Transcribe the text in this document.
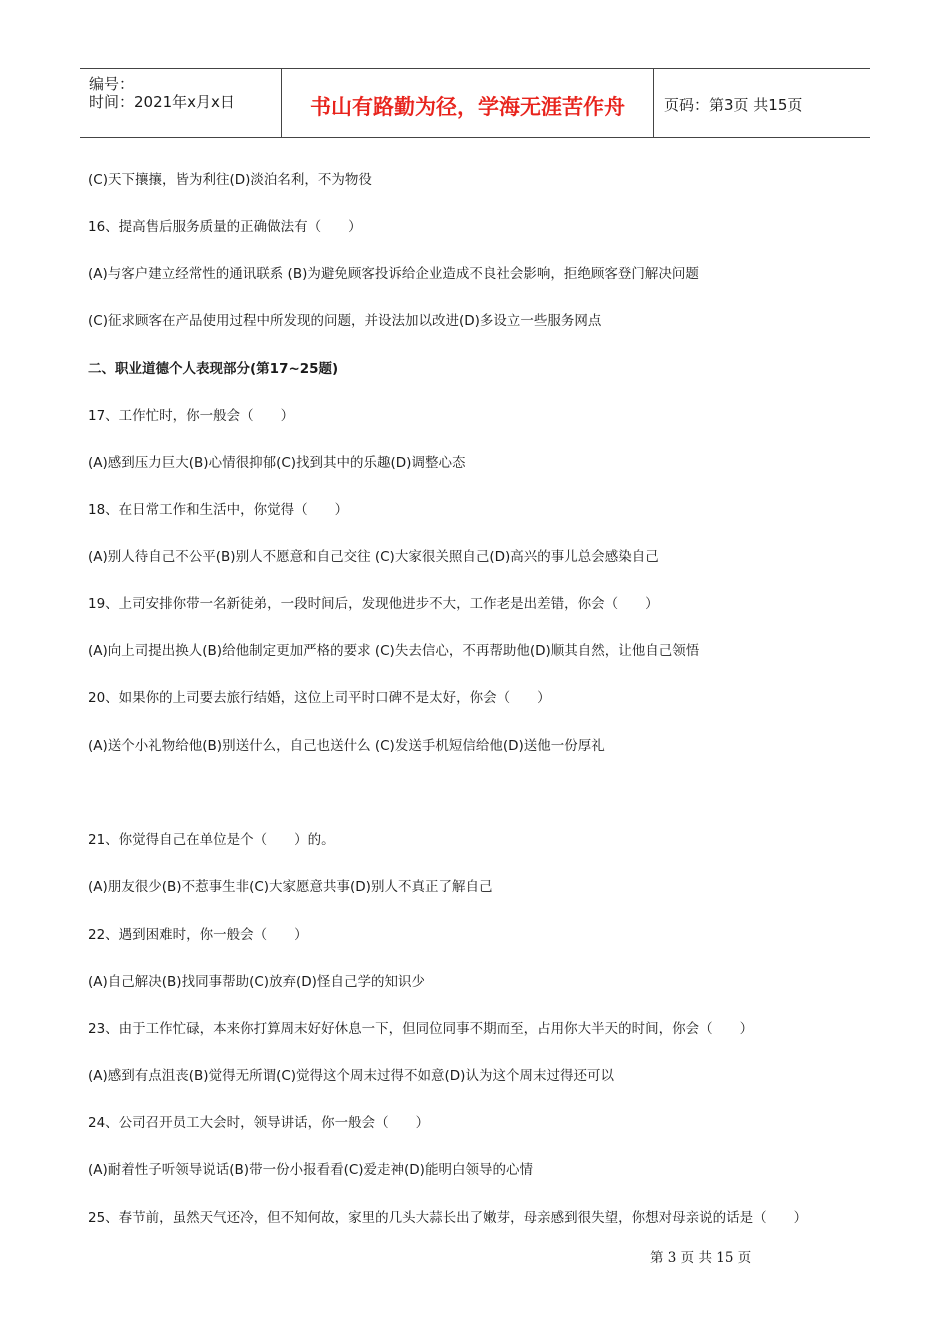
编号：
时间：2021年x月x日	书山有路勤为径，学海无涯苦作舟	页码：第3页 共15页
(C)天下攘攘，皆为利往(D)淡泊名利，不为物役
16、提高售后服务质量的正确做法有（　　）
(A)与客户建立经常性的通讯联系 (B)为避免顾客投诉给企业造成不良社会影响，拒绝顾客登门解决问题
(C)征求顾客在产品使用过程中所发现的问题，并设法加以改进(D)多设立一些服务网点
二、职业道德个人表现部分(第17~25题)
17、工作忙时，你一般会（　　）
(A)感到压力巨大(B)心情很抑郁(C)找到其中的乐趣(D)调整心态
18、在日常工作和生活中，你觉得（　　）
(A)别人待自己不公平(B)别人不愿意和自己交往 (C)大家很关照自己(D)高兴的事儿总会感染自己
19、上司安排你带一名新徒弟，一段时间后，发现他进步不大，工作老是出差错，你会（　　）
(A)向上司提出换人(B)给他制定更加严格的要求 (C)失去信心，不再帮助他(D)顺其自然，让他自己领悟
20、如果你的上司要去旅行结婚，这位上司平时口碑不是太好，你会（　　）
(A)送个小礼物给他(B)别送什么，自己也送什么 (C)发送手机短信给他(D)送他一份厚礼
21、你觉得自己在单位是个（　　）的。
(A)朋友很少(B)不惹事生非(C)大家愿意共事(D)别人不真正了解自己
22、遇到困难时，你一般会（　　）
(A)自己解决(B)找同事帮助(C)放弃(D)怪自己学的知识少
23、由于工作忙碌，本来你打算周末好好休息一下，但同位同事不期而至，占用你大半天的时间，你会（　　）
(A)感到有点沮丧(B)觉得无所谓(C)觉得这个周末过得不如意(D)认为这个周末过得还可以
24、公司召开员工大会时，领导讲话，你一般会（　　）
(A)耐着性子听领导说话(B)带一份小报看看(C)爱走神(D)能明白领导的心情
25、春节前，虽然天气还冷，但不知何故，家里的几头大蒜长出了嫩芽，母亲感到很失望，你想对母亲说的话是（　　）
第 3 页 共 15 页
